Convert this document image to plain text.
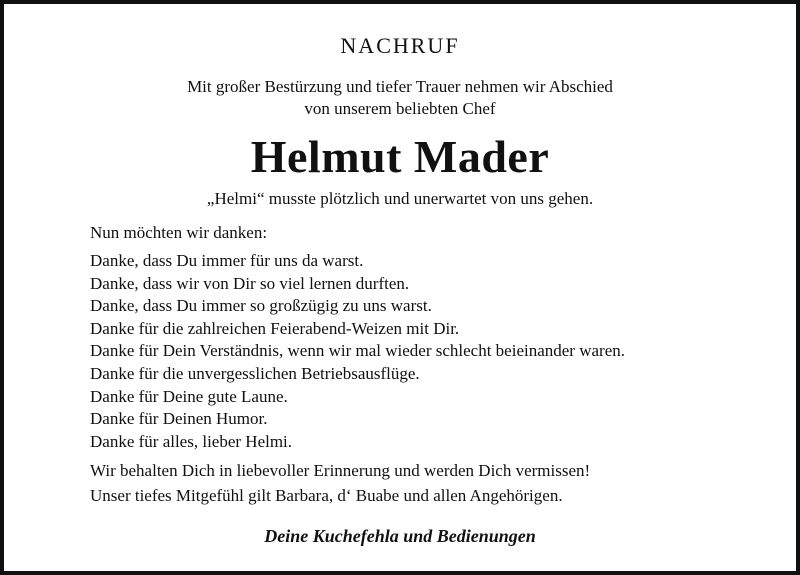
NACHRUF
Mit großer Bestürzung und tiefer Trauer nehmen wir Abschied
von unserem beliebten Chef
Helmut Mader
„Helmi“ musste plötzlich und unerwartet von uns gehen.
Nun möchten wir danken:
Danke, dass Du immer für uns da warst.
Danke, dass wir von Dir so viel lernen durften.
Danke, dass Du immer so großzügig zu uns warst.
Danke für die zahlreichen Feierabend-Weizen mit Dir.
Danke für Dein Verständnis, wenn wir mal wieder schlecht beieinander waren.
Danke für die unvergesslichen Betriebsausflüge.
Danke für Deine gute Laune.
Danke für Deinen Humor.
Danke für alles, lieber Helmi.
Wir behalten Dich in liebevoller Erinnerung und werden Dich vermissen!
Unser tiefes Mitgefühl gilt Barbara, d‘ Buabe und allen Angehörigen.
Deine Kuchefehla und Bedienungen
